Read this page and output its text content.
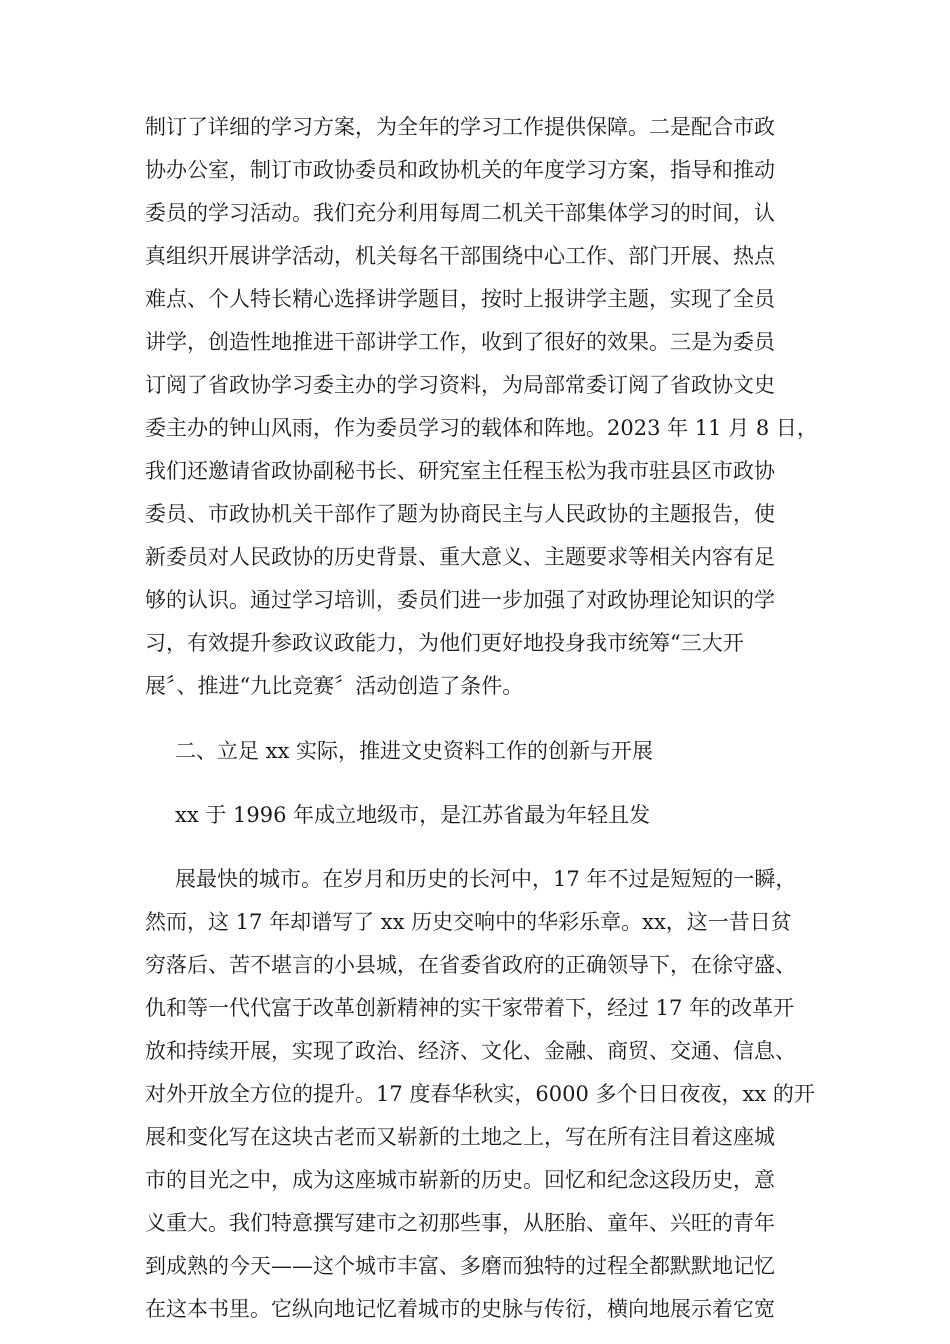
制订了详细的学习方案，为全年的学习工作提供保障。二是配合市政
协办公室，制订市政协委员和政协机关的年度学习方案，指导和推动
委员的学习活动。我们充分利用每周二机关干部集体学习的时间，认
真组织开展讲学活动，机关每名干部围绕中心工作、部门开展、热点
难点、个人特长精心选择讲学题目，按时上报讲学主题，实现了全员
讲学，创造性地推进干部讲学工作，收到了很好的效果。三是为委员
订阅了省政协学习委主办的学习资料，为局部常委订阅了省政协文史
委主办的钟山风雨，作为委员学习的载体和阵地。2023 年 11 月 8 日，
我们还邀请省政协副秘书长、研究室主任程玉松为我市驻县区市政协
委员、市政协机关干部作了题为协商民主与人民政协的主题报告，使
新委员对人民政协的历史背景、重大意义、主题要求等相关内容有足
够的认识。通过学习培训，委员们进一步加强了对政协理论知识的学
习，有效提升参政议政能力，为他们更好地投身我市统筹“三大开
展〞、推进“九比竞赛〞活动创造了条件。
二、立足 xx 实际，推进文史资料工作的创新与开展
xx 于 1996 年成立地级市，是江苏省最为年轻且发
展最快的城市。在岁月和历史的长河中，17 年不过是短短的一瞬，
然而，这 17 年却谱写了 xx 历史交响中的华彩乐章。xx，这一昔日贫
穷落后、苦不堪言的小县城，在省委省政府的正确领导下，在徐守盛、
仇和等一代代富于改革创新精神的实干家带着下，经过 17 年的改革开
放和持续开展，实现了政治、经济、文化、金融、商贸、交通、信息、
对外开放全方位的提升。17 度春华秋实，6000 多个日日夜夜，xx 的开
展和变化写在这块古老而又崭新的土地之上，写在所有注目着这座城
市的目光之中，成为这座城市崭新的历史。回忆和纪念这段历史，意
义重大。我们特意撰写建市之初那些事，从胚胎、童年、兴旺的青年
到成熟的今天——这个城市丰富、多磨而独特的过程全都默默地记忆
在这本书里。它纵向地记忆着城市的史脉与传衍，横向地展示着它宽
